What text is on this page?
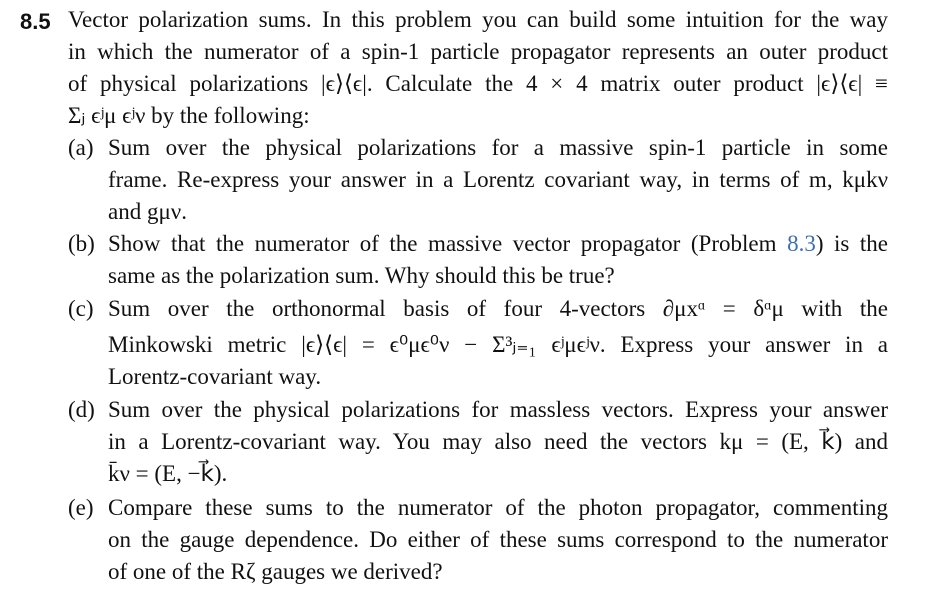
8.5 Vector polarization sums. In this problem you can build some intuition for the way
in which the numerator of a spin-1 particle propagator represents an outer product
of physical polarizations |ϵ⟩⟨ϵ|. Calculate the 4 × 4 matrix outer product |ϵ⟩⟨ϵ| ≡
Σⱼ ϵʲμ ϵʲν by the following:
(a) Sum over the physical polarizations for a massive spin-1 particle in some
frame. Re-express your answer in a Lorentz covariant way, in terms of m, kμkν
and gμν.
(b) Show that the numerator of the massive vector propagator (Problem 8.3) is the
same as the polarization sum. Why should this be true?
(c) Sum over the orthonormal basis of four 4-vectors ∂μxᵅ = δᵅμ with the
Minkowski metric |ϵ⟩⟨ϵ| = ϵ⁰μϵ⁰ν − Σ³ⱼ₌₁ ϵʲμϵʲν. Express your answer in a
Lorentz-covariant way.
(d) Sum over the physical polarizations for massless vectors. Express your answer
in a Lorentz-covariant way. You may also need the vectors kμ = (E, k⃗) and
k̄ν = (E, −k⃗).
(e) Compare these sums to the numerator of the photon propagator, commenting
on the gauge dependence. Do either of these sums correspond to the numerator
of one of the Rζ gauges we derived?
